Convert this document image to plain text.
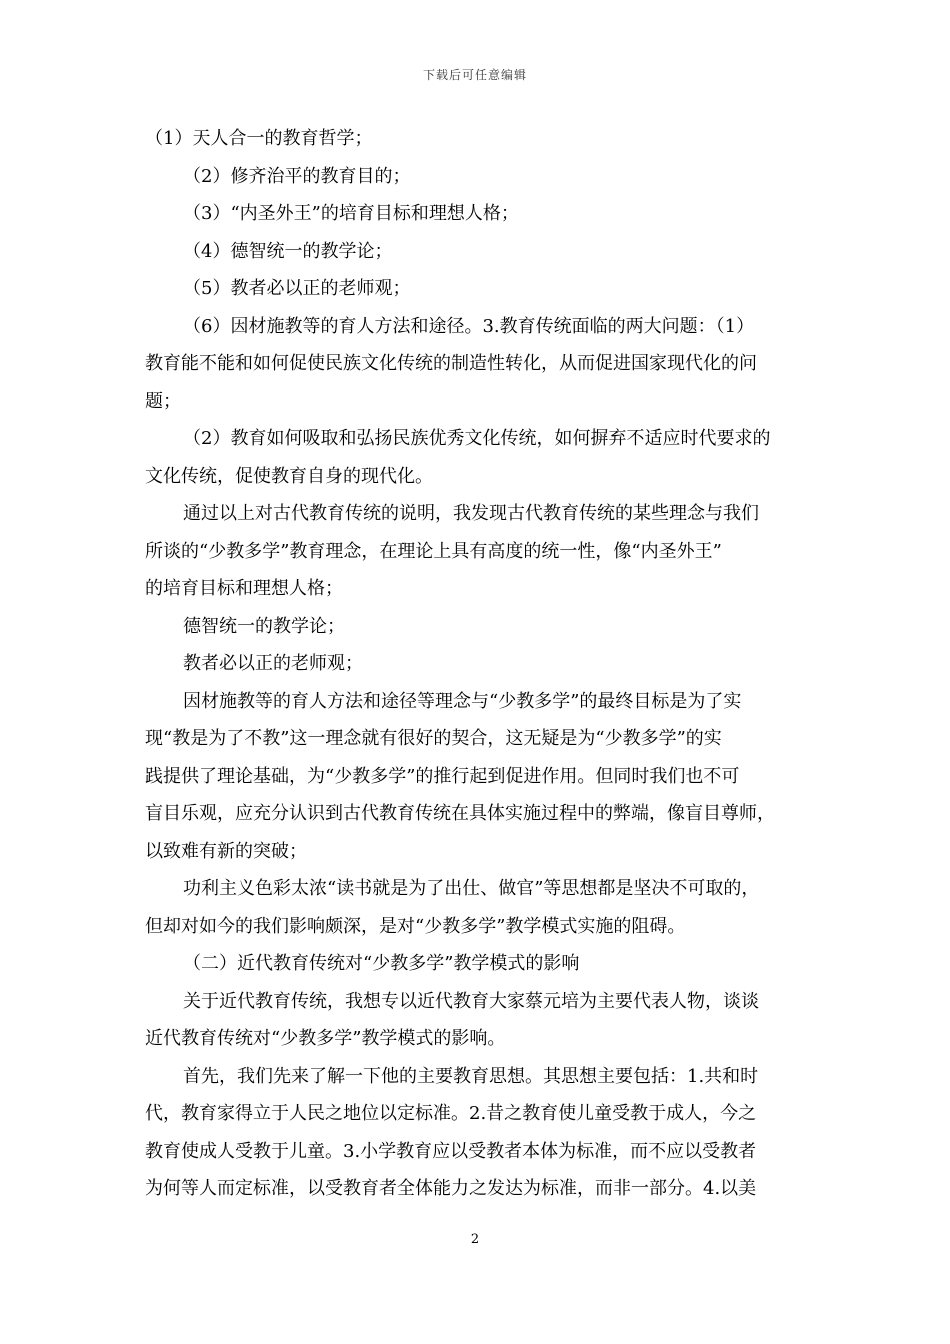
下载后可任意编辑
（1）天人合一的教育哲学；
（2）修齐治平的教育目的；
（3）“内圣外王”的培育目标和理想人格；
（4）德智统一的教学论；
（5）教者必以正的老师观；
（6）因材施教等的育人方法和途径。3.教育传统面临的两大问题：（1）
教育能不能和如何促使民族文化传统的制造性转化，从而促进国家现代化的问
题；
（2）教育如何吸取和弘扬民族优秀文化传统，如何摒弃不适应时代要求的
文化传统，促使教育自身的现代化。
通过以上对古代教育传统的说明，我发现古代教育传统的某些理念与我们
所谈的“少教多学”教育理念，在理论上具有高度的统一性，像“内圣外王”
的培育目标和理想人格；
德智统一的教学论；
教者必以正的老师观；
因材施教等的育人方法和途径等理念与“少教多学”的最终目标是为了实
现“教是为了不教”这一理念就有很好的契合，这无疑是为“少教多学”的实
践提供了理论基础，为“少教多学”的推行起到促进作用。但同时我们也不可
盲目乐观，应充分认识到古代教育传统在具体实施过程中的弊端，像盲目尊师，
以致难有新的突破；
功利主义色彩太浓“读书就是为了出仕、做官”等思想都是坚决不可取的，
但却对如今的我们影响颇深，是对“少教多学”教学模式实施的阻碍。
（二）近代教育传统对“少教多学”教学模式的影响
关于近代教育传统，我想专以近代教育大家蔡元培为主要代表人物，谈谈
近代教育传统对“少教多学”教学模式的影响。
首先，我们先来了解一下他的主要教育思想。其思想主要包括：1.共和时
代，教育家得立于人民之地位以定标准。2.昔之教育使儿童受教于成人，今之
教育使成人受教于儿童。3.小学教育应以受教者本体为标准，而不应以受教者
为何等人而定标准，以受教育者全体能力之发达为标准，而非一部分。4.以美
2
